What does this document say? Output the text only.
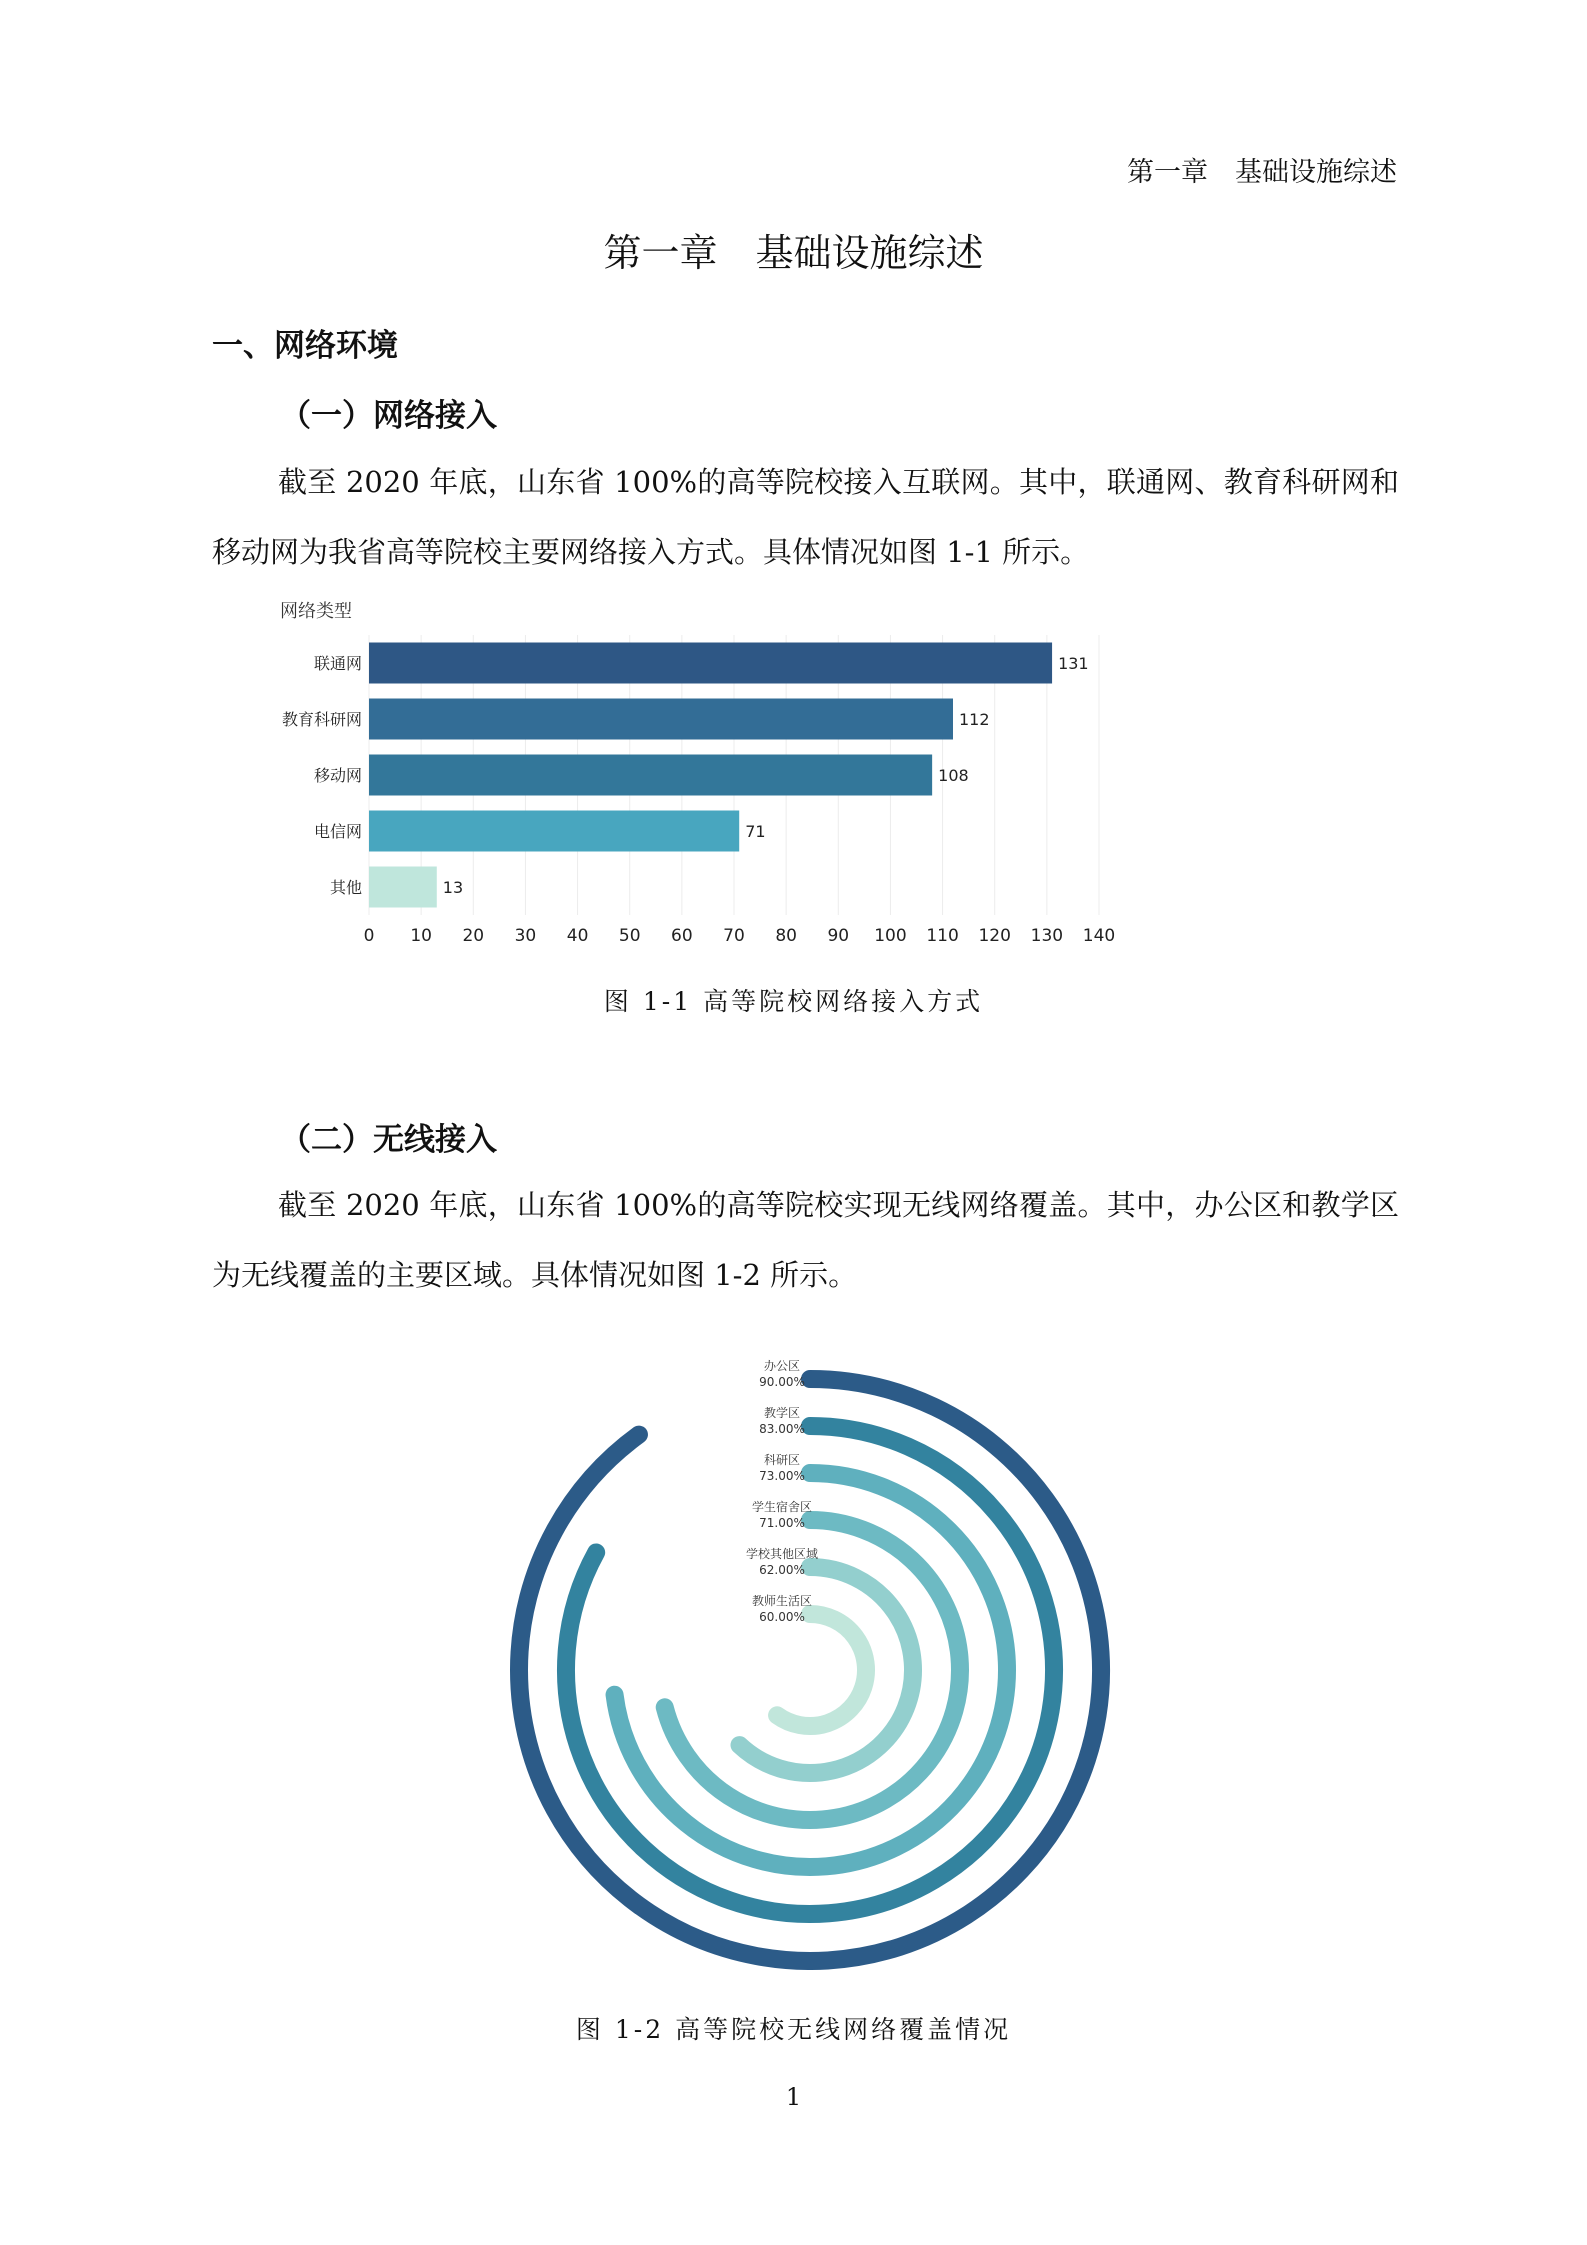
第一章　基础设施综述
第一章　基础设施综述
一、网络环境
（一）网络接入
截至 2020 年底，山东省 100%的高等院校接入互联网。其中，联通网、教育科研网和移动网为我省高等院校主要网络接入方式。具体情况如图 1-1 所示。
网络类型
联通网
教育科研网
移动网
电信网
其他
131
112
108
71
13
0 10 20 30 40 50 60 70 80 90 100 110 120 130 140
图 1-1 高等院校网络接入方式
（二）无线接入
截至 2020 年底，山东省 100%的高等院校实现无线网络覆盖。其中，办公区和教学区为无线覆盖的主要区域。具体情况如图 1-2 所示。
办公区
90.00%
教学区
83.00%
科研区
73.00%
学生宿舍区
71.00%
学校其他区域
62.00%
教师生活区
60.00%
图 1-2 高等院校无线网络覆盖情况
1
